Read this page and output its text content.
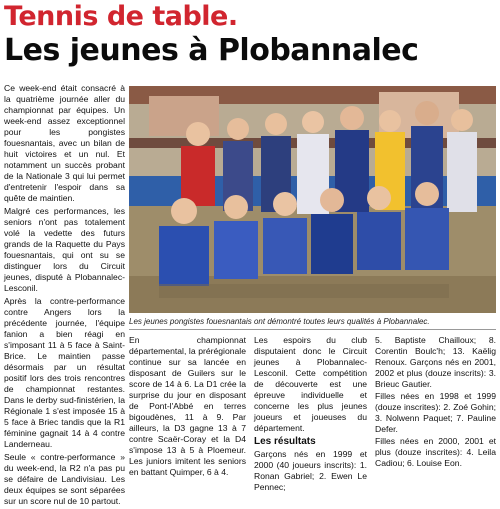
Tennis de table.
Les jeunes à Plobannalec

Ce week-end était consacré à la quatrième journée aller du championnat par équipes. Un week-end assez exceptionnel pour les pongistes fouesnantais, avec un bilan de huit victoires et un nul. Et notamment un succès probant de la Nationale 3 qui lui permet d'entretenir l'espoir dans sa quête de maintien.

Malgré ces performances, les seniors n'ont pas totalement volé la vedette des futurs grands de la Raquette du Pays fouesnantais, qui ont su se distinguer lors du Circuit jeunes, disputé à Plobannalec-Lesconil.

Après la contre-performance contre Angers lors la précédente journée, l'équipe fanion a bien réagi en s'imposant 11 à 5 face à Saint-Brice. Le maintien passe désormais par un résultat positif lors des trois rencontres de championnat restantes. Dans le derby sud-finistérien, la Régionale 1 s'est imposée 15 à 5 face à Briec tandis que la R1 féminine gagnait 14 à 4 contre Landerneau.

Seule « contre-performance » du week-end, la R2 n'a pas pu se défaire de Landivisiau. Les deux équipes se sont séparées sur un score nul de 10 partout.

Les jeunes pongistes fouesnantais ont démontré toutes leurs qualités à Plobannalec.

En championnat départemental, la prérégionale continue sur sa lancée en disposant de Guilers sur le score de 14 à 6. La D1 crée la surprise du jour en disposant de Pont-l'Abbé en terres bigoudènes, 11 à 9. Par ailleurs, la D3 gagne 13 à 7 contre Scaër-Coray et la D4 s'impose 13 à 5 à Ploemeur. Les juniors imitent les seniors en battant Quimper, 6 à 4.

Les espoirs du club disputaient donc le Circuit jeunes à Plobannalec-Lesconil. Cette compétition de découverte est une épreuve individuelle et concerne les plus jeunes joueurs et joueuses du département.

Les résultats

Garçons nés en 1999 et 2000 (40 joueurs inscrits): 1. Ronan Gabriel; 2. Ewen Le Pennec;

5. Baptiste Chailloux; 8. Corentin Boulc'h; 13. Kaëlig Renoux. Garçons nés en 2001, 2002 et plus (douze inscrits): 3. Brieuc Gautier.

Filles nées en 1998 et 1999 (douze inscrites): 2. Zoé Gohin; 3. Nolwenn Paquet; 7. Pauline Defer.

Filles nées en 2000, 2001 et plus (douze inscrites): 4. Leila Cadiou; 6. Louise Eon.
